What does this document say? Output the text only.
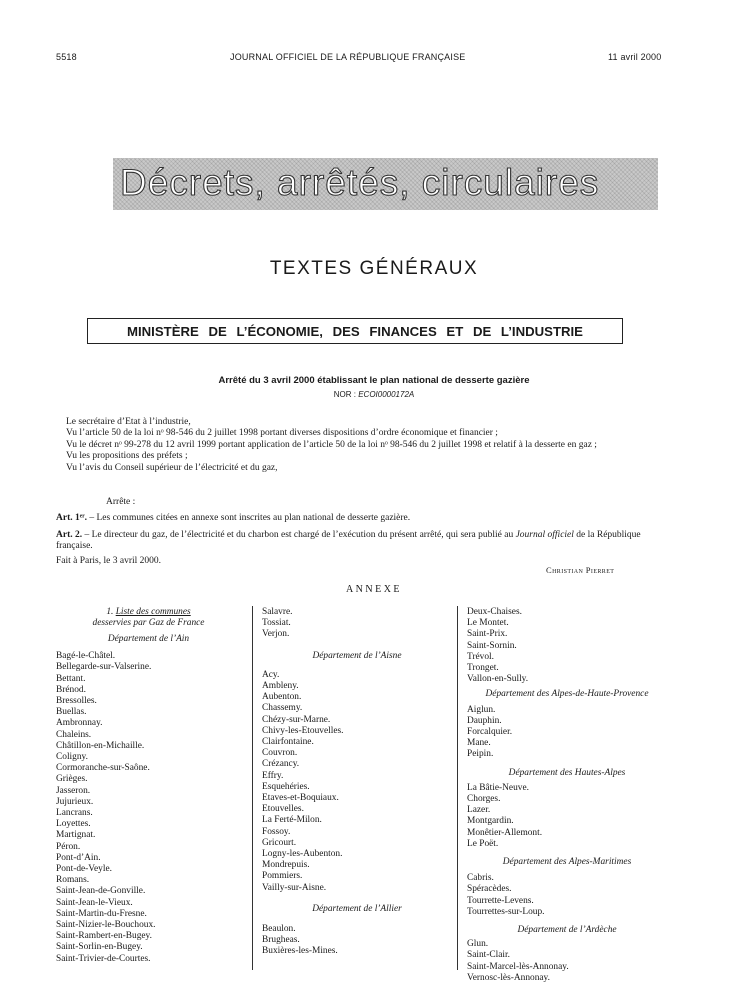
5518	JOURNAL OFFICIEL DE LA RÉPUBLIQUE FRANÇAISE	11 avril 2000
Décrets, arrêtés, circulaires
TEXTES GÉNÉRAUX
MINISTÈRE DE L’ÉCONOMIE, DES FINANCES ET DE L’INDUSTRIE
Arrêté du 3 avril 2000 établissant le plan national de desserte gazière
NOR : ECOI0000172A
Le secrétaire d’Etat à l’industrie,
Vu l’article 50 de la loi nᵒ 98-546 du 2 juillet 1998 portant diverses dispositions d’ordre économique et financier ;
Vu le décret nᵒ 99-278 du 12 avril 1999 portant application de l’article 50 de la loi nᵒ 98-546 du 2 juillet 1998 et relatif à la desserte en gaz ;
Vu les propositions des préfets ;
Vu l’avis du Conseil supérieur de l’électricité et du gaz,
Arrête :
Art. 1ᵉʳ. – Les communes citées en annexe sont inscrites au plan national de desserte gazière.
Art. 2. – Le directeur du gaz, de l’électricité et du charbon est chargé de l’exécution du présent arrêté, qui sera publié au Journal officiel de la République française.
Fait à Paris, le 3 avril 2000.
Christian Pierret
ANNEXE
1. Liste des communes
desservies par Gaz de France
Département de l’Ain
Bagé-le-Châtel.
Bellegarde-sur-Valserine.
Bettant.
Brénod.
Bressolles.
Buellas.
Ambronnay.
Chaleins.
Châtillon-en-Michaille.
Coligny.
Cormoranche-sur-Saône.
Grièges.
Jasseron.
Jujurieux.
Lancrans.
Loyettes.
Martignat.
Péron.
Pont-d’Ain.
Pont-de-Veyle.
Romans.
Saint-Jean-de-Gonville.
Saint-Jean-le-Vieux.
Saint-Martin-du-Fresne.
Saint-Nizier-le-Bouchoux.
Saint-Rambert-en-Bugey.
Saint-Sorlin-en-Bugey.
Saint-Trivier-de-Courtes.
Salavre.
Tossiat.
Verjon.
Département de l’Aisne
Acy.
Ambleny.
Aubenton.
Chassemy.
Chézy-sur-Marne.
Chivy-les-Etouvelles.
Clairfontaine.
Couvron.
Crézancy.
Effry.
Esquehéries.
Etaves-et-Boquiaux.
Etouvelles.
La Ferté-Milon.
Fossoy.
Gricourt.
Logny-les-Aubenton.
Mondrepuis.
Pommiers.
Vailly-sur-Aisne.
Département de l’Allier
Beaulon.
Brugheas.
Buxières-les-Mines.
Deux-Chaises.
Le Montet.
Saint-Prix.
Saint-Sornin.
Trévol.
Tronget.
Vallon-en-Sully.
Département des Alpes-de-Haute-Provence
Aiglun.
Dauphin.
Forcalquier.
Mane.
Peipin.
Département des Hautes-Alpes
La Bâtie-Neuve.
Chorges.
Lazer.
Montgardin.
Monêtier-Allemont.
Le Poët.
Département des Alpes-Maritimes
Cabris.
Spéracèdes.
Tourrette-Levens.
Tourrettes-sur-Loup.
Département de l’Ardèche
Glun.
Saint-Clair.
Saint-Marcel-lès-Annonay.
Vernosc-lès-Annonay.
